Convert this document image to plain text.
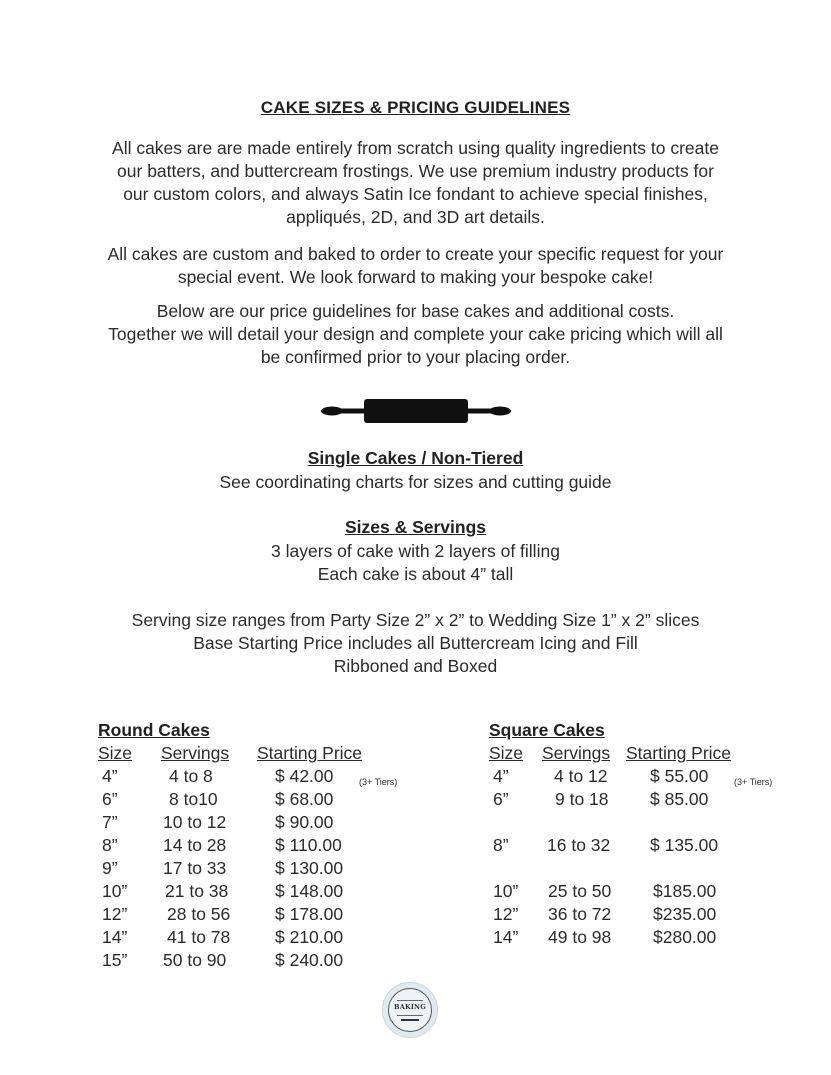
CAKE SIZES & PRICING GUIDELINES
All cakes are are made entirely from scratch using quality ingredients to create
our batters, and buttercream frostings. We use premium industry products for
our custom colors, and always Satin Ice fondant to achieve special finishes,
appliqués, 2D, and 3D art details.
All cakes are custom and baked to order to create your specific request for your
special event. We look forward to making your bespoke cake!
Below are our price guidelines for base cakes and additional costs.
Together we will detail your design and complete your cake pricing which will all
be confirmed prior to your placing order.
Single Cakes / Non-Tiered
See coordinating charts for sizes and cutting guide
Sizes & Servings
3 layers of cake with 2 layers of filling
Each cake is about 4” tall
Serving size ranges from Party Size 2” x 2” to Wedding Size 1” x 2” slices
Base Starting Price includes all Buttercream Icing and Fill
Ribboned and Boxed
Round Cakes
Size Servings Starting Price
4”	4 to 8	$ 42.00	(3+ Tiers)
6”	8 to10	$ 68.00
7”	10 to 12	$ 90.00
8”	14 to 28	$ 110.00
9”	17 to 33	$ 130.00
10” 21 to 38	$ 148.00
12” 28 to 56	$ 178.00
14” 41 to 78	$ 210.00
15” 50 to 90	$ 240.00
Square Cakes
Size Servings Starting Price
4”	4 to 12 $ 55.00	(3+ Tiers)
6”	9 to 18 $ 85.00
8” 16 to 32 $ 135.00
10” 25 to 50 $185.00
12” 36 to 72 $235.00
14” 49 to 98 $280.00
BAKING
